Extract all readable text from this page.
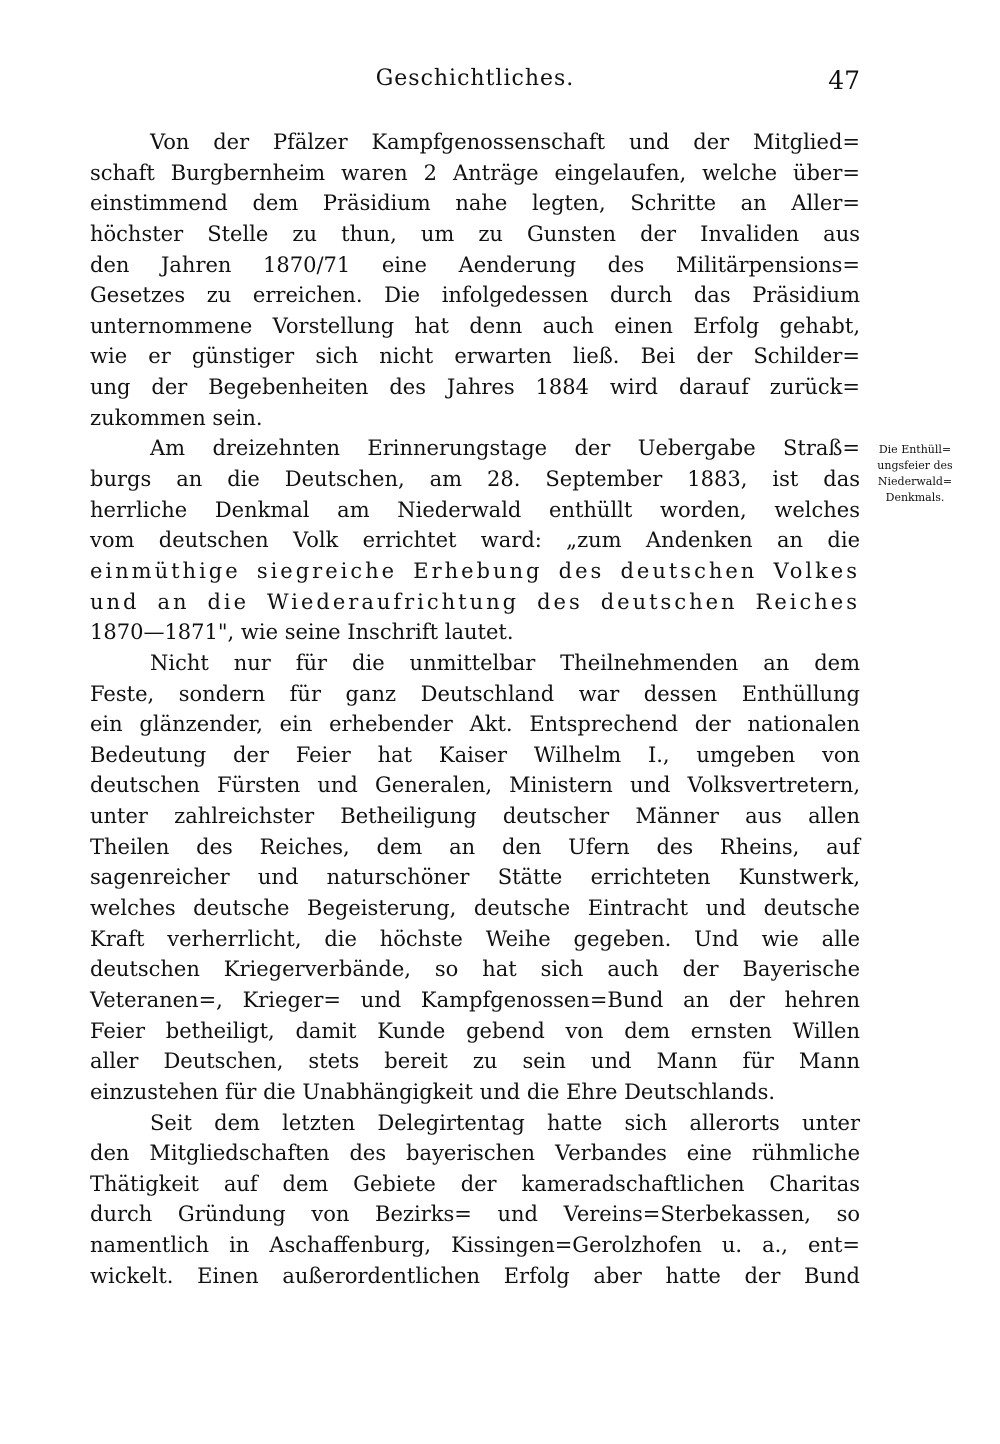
Geschichtliches.	47
Von der Pfälzer Kampfgenossenschaft und der Mitglied=
schaft Burgbernheim waren 2 Anträge eingelaufen, welche über=
einstimmend dem Präsidium nahe legten, Schritte an Aller=
höchster Stelle zu thun, um zu Gunsten der Invaliden aus
den Jahren 1870/71 eine Aenderung des Militärpensions=
Gesetzes zu erreichen. Die infolgedessen durch das Präsidium
unternommene Vorstellung hat denn auch einen Erfolg gehabt,
wie er günstiger sich nicht erwarten ließ. Bei der Schilder=
ung der Begebenheiten des Jahres 1884 wird darauf zurück=
zukommen sein.
Am dreizehnten Erinnerungstage der Uebergabe Straß=
burgs an die Deutschen, am 28. September 1883, ist das
herrliche Denkmal am Niederwald enthüllt worden, welches
vom deutschen Volk errichtet ward: „zum Andenken an die
einmüthige siegreiche Erhebung des deutschen Volkes
und an die Wiederaufrichtung des deutschen Reiches
1870—1871", wie seine Inschrift lautet.
Nicht nur für die unmittelbar Theilnehmenden an dem
Feste, sondern für ganz Deutschland war dessen Enthüllung
ein glänzender, ein erhebender Akt. Entsprechend der nationalen
Bedeutung der Feier hat Kaiser Wilhelm I., umgeben von
deutschen Fürsten und Generalen, Ministern und Volksvertretern,
unter zahlreichster Betheiligung deutscher Männer aus allen
Theilen des Reiches, dem an den Ufern des Rheins, auf
sagenreicher und naturschöner Stätte errichteten Kunstwerk,
welches deutsche Begeisterung, deutsche Eintracht und deutsche
Kraft verherrlicht, die höchste Weihe gegeben. Und wie alle
deutschen Kriegerverbände, so hat sich auch der Bayerische
Veteranen=, Krieger= und Kampfgenossen=Bund an der hehren
Feier betheiligt, damit Kunde gebend von dem ernsten Willen
aller Deutschen, stets bereit zu sein und Mann für Mann
einzustehen für die Unabhängigkeit und die Ehre Deutschlands.
Seit dem letzten Delegirtentag hatte sich allerorts unter
den Mitgliedschaften des bayerischen Verbandes eine rühmliche
Thätigkeit auf dem Gebiete der kameradschaftlichen Charitas
durch Gründung von Bezirks= und Vereins=Sterbekassen, so
namentlich in Aschaffenburg, Kissingen=Gerolzhofen u. a., ent=
wickelt. Einen außerordentlichen Erfolg aber hatte der Bund
Die Enthüll=
ungsfeier des
Niederwald=
Denkmals.
